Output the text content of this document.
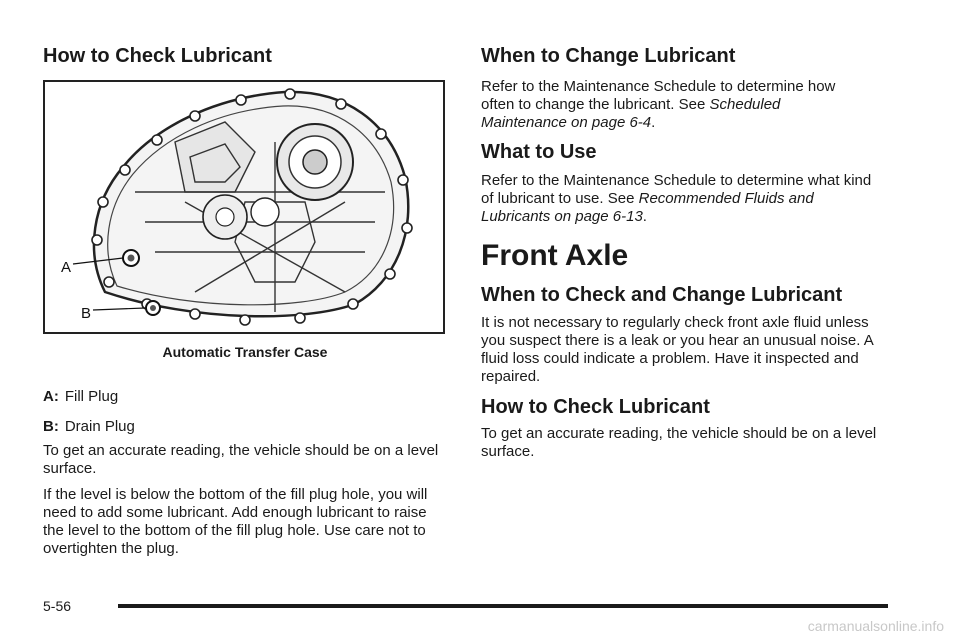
How to Check Lubricant
A
B
Automatic Transfer Case
A: Fill Plug
B: Drain Plug

To get an accurate reading, the vehicle should be on a level surface.

If the level is below the bottom of the fill plug hole, you will need to add some lubricant. Add enough lubricant to raise the level to the bottom of the fill plug hole. Use care not to overtighten the plug.

When to Change Lubricant

Refer to the Maintenance Schedule to determine how often to change the lubricant. See Scheduled Maintenance on page 6-4.

What to Use

Refer to the Maintenance Schedule to determine what kind of lubricant to use. See Recommended Fluids and Lubricants on page 6-13.

Front Axle
When to Check and Change Lubricant

It is not necessary to regularly check front axle fluid unless you suspect there is a leak or you hear an unusual noise. A fluid loss could indicate a problem. Have it inspected and repaired.

How to Check Lubricant

To get an accurate reading, the vehicle should be on a level surface.

5-56
carmanualsonline.info
